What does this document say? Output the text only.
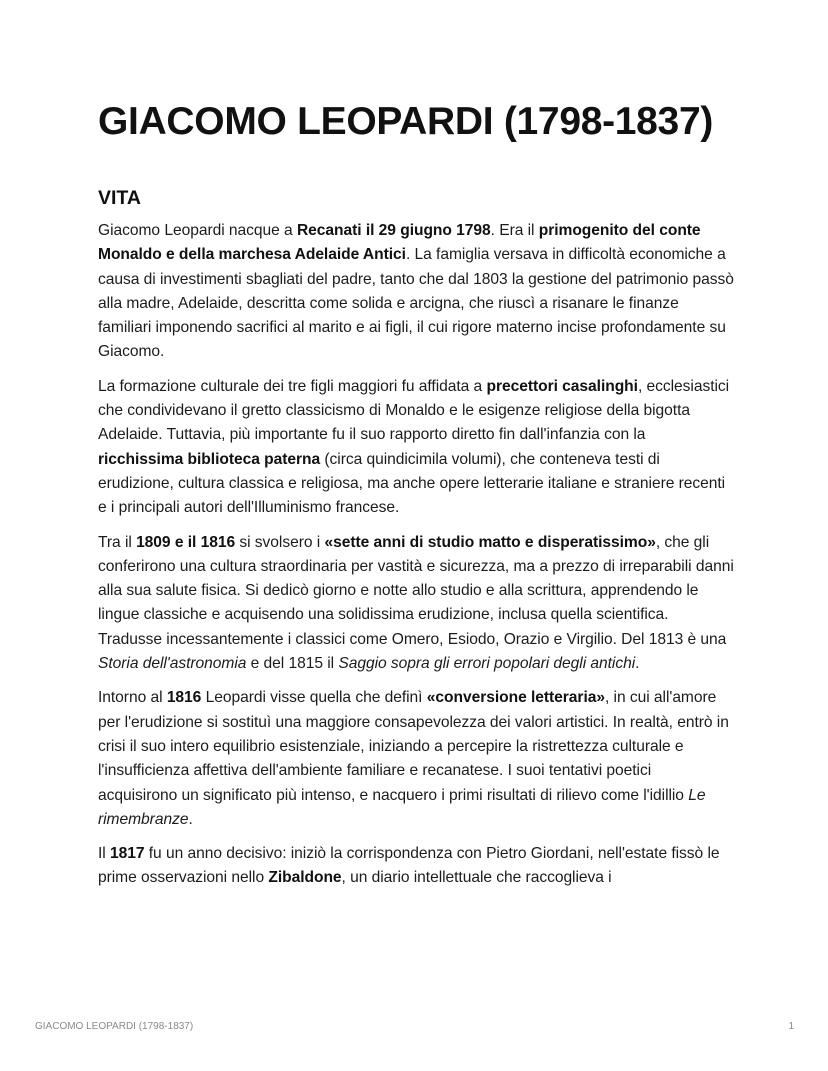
GIACOMO LEOPARDI (1798-1837)
VITA

Giacomo Leopardi nacque a Recanati il 29 giugno 1798. Era il primogenito del conte Monaldo e della marchesa Adelaide Antici. La famiglia versava in difficoltà economiche a causa di investimenti sbagliati del padre, tanto che dal 1803 la gestione del patrimonio passò alla madre, Adelaide, descritta come solida e arcigna, che riuscì a risanare le finanze familiari imponendo sacrifici al marito e ai figli, il cui rigore materno incise profondamente su Giacomo.

La formazione culturale dei tre figli maggiori fu affidata a precettori casalinghi, ecclesiastici che condividevano il gretto classicismo di Monaldo e le esigenze religiose della bigotta Adelaide. Tuttavia, più importante fu il suo rapporto diretto fin dall'infanzia con la ricchissima biblioteca paterna (circa quindicimila volumi), che conteneva testi di erudizione, cultura classica e religiosa, ma anche opere letterarie italiane e straniere recenti e i principali autori dell'Illuminismo francese.

Tra il 1809 e il 1816 si svolsero i «sette anni di studio matto e disperatissimo», che gli conferirono una cultura straordinaria per vastità e sicurezza, ma a prezzo di irreparabili danni alla sua salute fisica. Si dedicò giorno e notte allo studio e alla scrittura, apprendendo le lingue classiche e acquisendo una solidissima erudizione, inclusa quella scientifica. Tradusse incessantemente i classici come Omero, Esiodo, Orazio e Virgilio. Del 1813 è una Storia dell'astronomia e del 1815 il Saggio sopra gli errori popolari degli antichi.

Intorno al 1816 Leopardi visse quella che definì «conversione letteraria», in cui all'amore per l'erudizione si sostituì una maggiore consapevolezza dei valori artistici. In realtà, entrò in crisi il suo intero equilibrio esistenziale, iniziando a percepire la ristrettezza culturale e l'insufficienza affettiva dell'ambiente familiare e recanatese. I suoi tentativi poetici acquisirono un significato più intenso, e nacquero i primi risultati di rilievo come l'idillio Le rimembranze.

Il 1817 fu un anno decisivo: iniziò la corrispondenza con Pietro Giordani, nell'estate fissò le prime osservazioni nello Zibaldone, un diario intellettuale che raccoglieva i

GIACOMO LEOPARDI (1798-1837)	1
